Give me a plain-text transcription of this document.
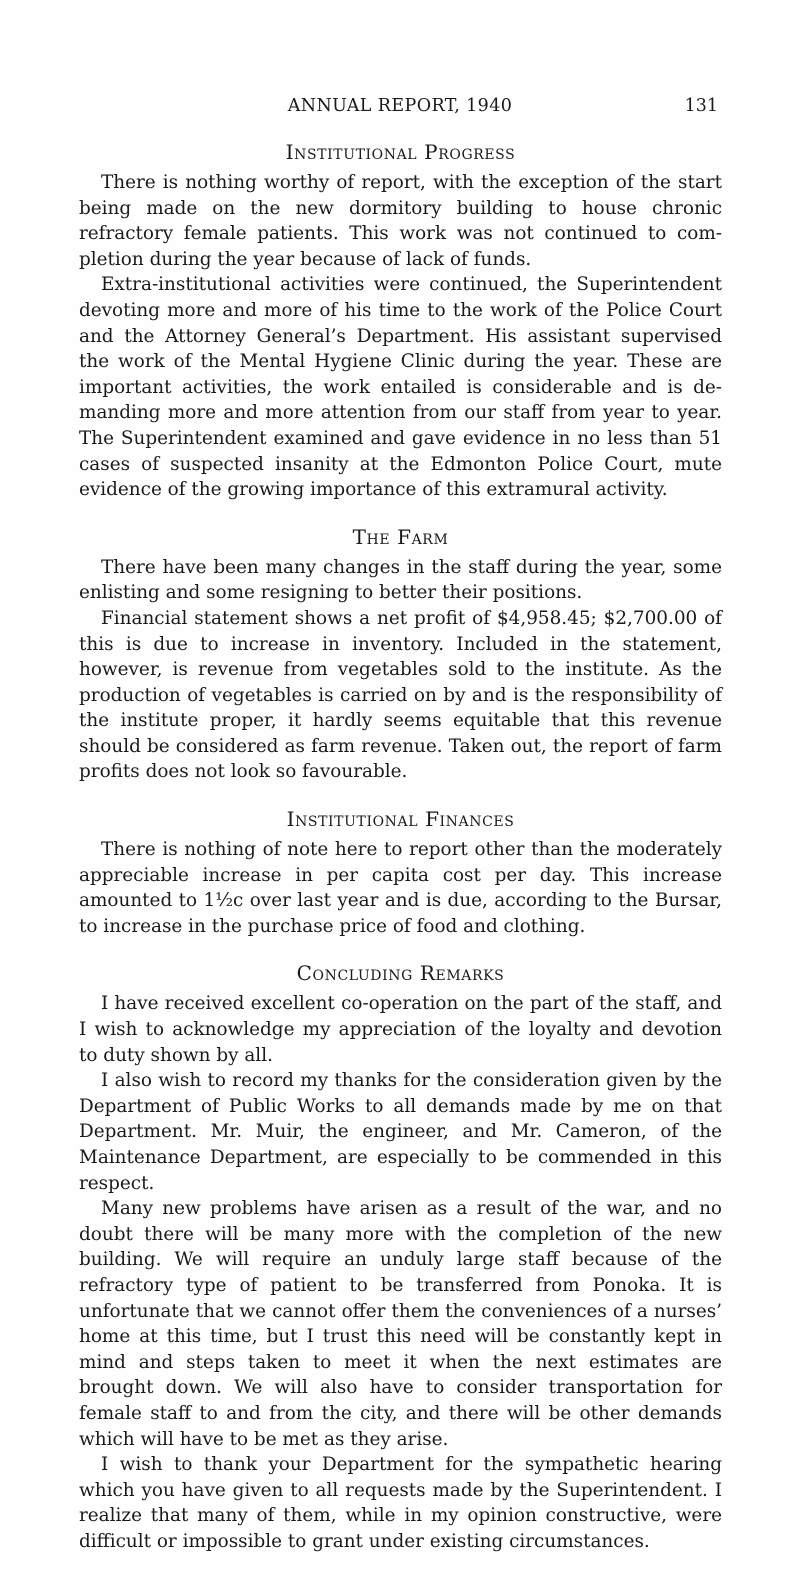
ANNUAL REPORT, 1940	131
Institutional Progress

There is nothing worthy of report, with the exception of the start being made on the new dormitory building to house chronic refractory female patients. This work was not continued to completion during the year because of lack of funds.

Extra-institutional activities were continued, the Superintendent devoting more and more of his time to the work of the Police Court and the Attorney General’s Department. His assistant supervised the work of the Mental Hygiene Clinic during the year. These are important activities, the work entailed is considerable and is demanding more and more attention from our staff from year to year. The Superintendent examined and gave evidence in no less than 51 cases of suspected insanity at the Edmonton Police Court, mute evidence of the growing importance of this extramural activity.

The Farm

There have been many changes in the staff during the year, some enlisting and some resigning to better their positions.

Financial statement shows a net profit of $4,958.45; $2,700.00 of this is due to increase in inventory. Included in the statement, however, is revenue from vegetables sold to the institute. As the production of vegetables is carried on by and is the responsibility of the institute proper, it hardly seems equitable that this revenue should be considered as farm revenue. Taken out, the report of farm profits does not look so favourable.

Institutional Finances

There is nothing of note here to report other than the moderately appreciable increase in per capita cost per day. This increase amounted to 1½c over last year and is due, according to the Bursar, to increase in the purchase price of food and clothing.

Concluding Remarks

I have received excellent co-operation on the part of the staff, and I wish to acknowledge my appreciation of the loyalty and devotion to duty shown by all.

I also wish to record my thanks for the consideration given by the Department of Public Works to all demands made by me on that Department. Mr. Muir, the engineer, and Mr. Cameron, of the Maintenance Department, are especially to be commended in this respect.

Many new problems have arisen as a result of the war, and no doubt there will be many more with the completion of the new building. We will require an unduly large staff because of the refractory type of patient to be transferred from Ponoka. It is unfortunate that we cannot offer them the conveniences of a nurses’ home at this time, but I trust this need will be constantly kept in mind and steps taken to meet it when the next estimates are brought down. We will also have to consider transportation for female staff to and from the city, and there will be other demands which will have to be met as they arise.

I wish to thank your Department for the sympathetic hearing which you have given to all requests made by the Superintendent. I realize that many of them, while in my opinion constructive, were difficult or impossible to grant under existing circumstances.
